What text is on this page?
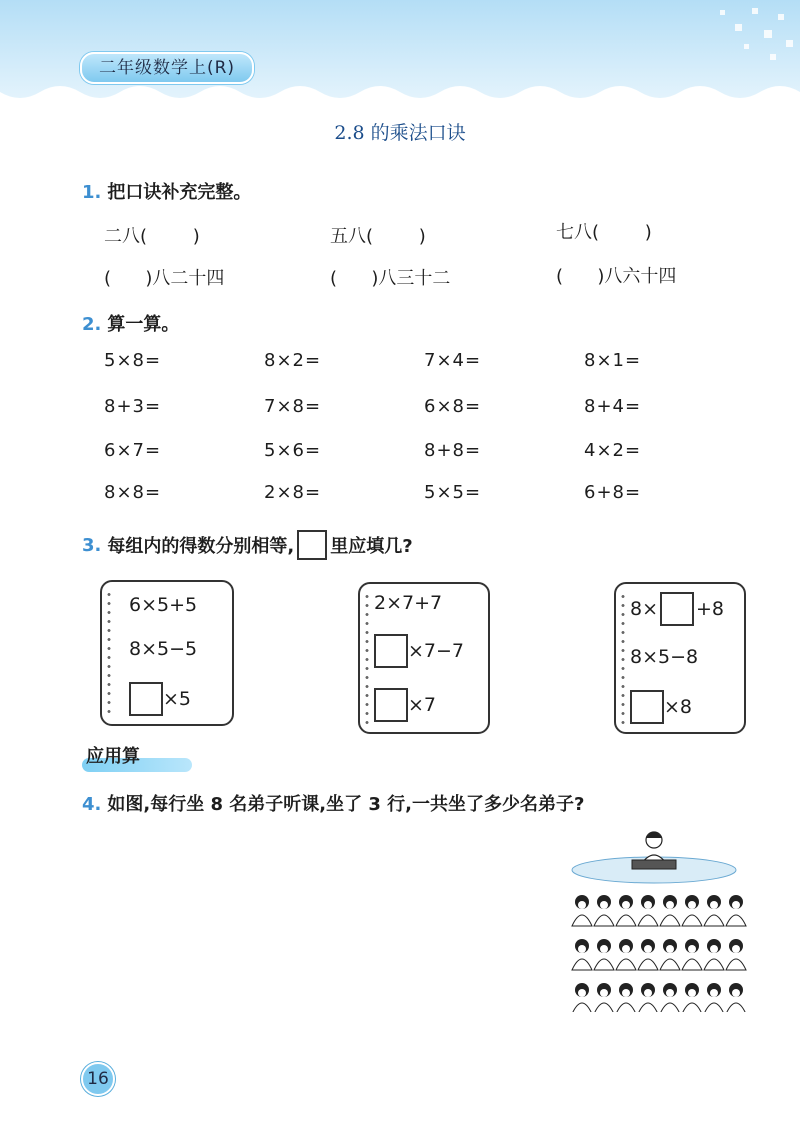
二年级数学上(R)
2.8 的乘法口诀
1. 把口诀补充完整。
二八(        )	五八(        )	七八(        )
(      )八二十四	(      )八三十二	(      )八六十四
2. 算一算。
5×8=	8×2=	7×4=	8×1=
8+3=	7×8=	6×8=	8+4=
6×7=	5×6=	8+8=	4×2=
8×8=	2×8=	5×5=	6+8=
3. 每组内的得数分别相等, 里应填几?
6×5+5
8×5−5
×5
2×7+7
×7−7
×7
8× +8
8×5−8
×8
应用算
4. 如图,每行坐 8 名弟子听课,坐了 3 行,一共坐了多少名弟子?
16
